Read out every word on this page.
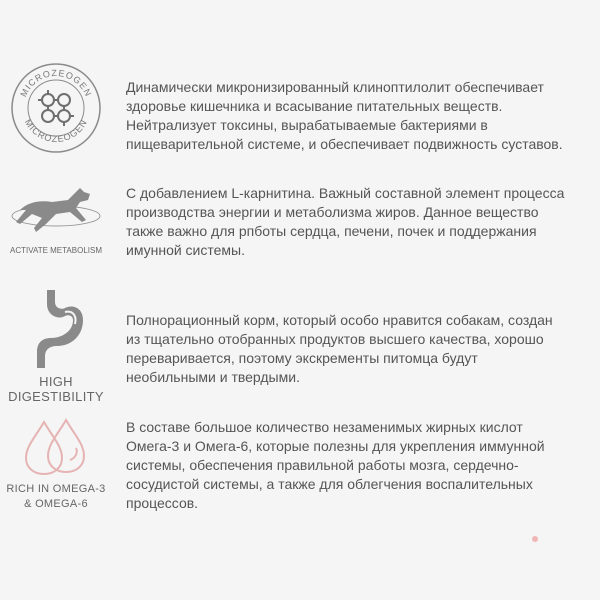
MICROZEOGEN
MICROZEOGEN
Динамически микронизированный клиноптилолит обеспечивает
здоровье кишечника и всасывание питательных веществ.
Нейтрализует токсины, вырабатываемые бактериями в
пищеварительной системе, и обеспечивает подвижность суставов.
ACTIVATE METABOLISM
С добавлением L-карнитина. Важный составной элемент процесса
производства энергии и метаболизма жиров. Данное вещество
также важно для рпботы сердца, печени, почек и поддержания
имунной системы.
HIGH
DIGESTIBILITY
Полнорационный корм, который особо нравится собакам, создан
из тщательно отобранных продуктов высшего качества, хорошо
переваривается, поэтому экскременты питомца будут
необильными и твердыми.
RICH IN OMEGA-3
& OMEGA-6
В составе большое количество незаменимых жирных кислот
Омега-3 и Омега-6, которые полезны для укрепления иммунной
системы, обеспечения правильной работы мозга, сердечно-
сосудистой системы, а также для облегчения воспалительных
процессов.
